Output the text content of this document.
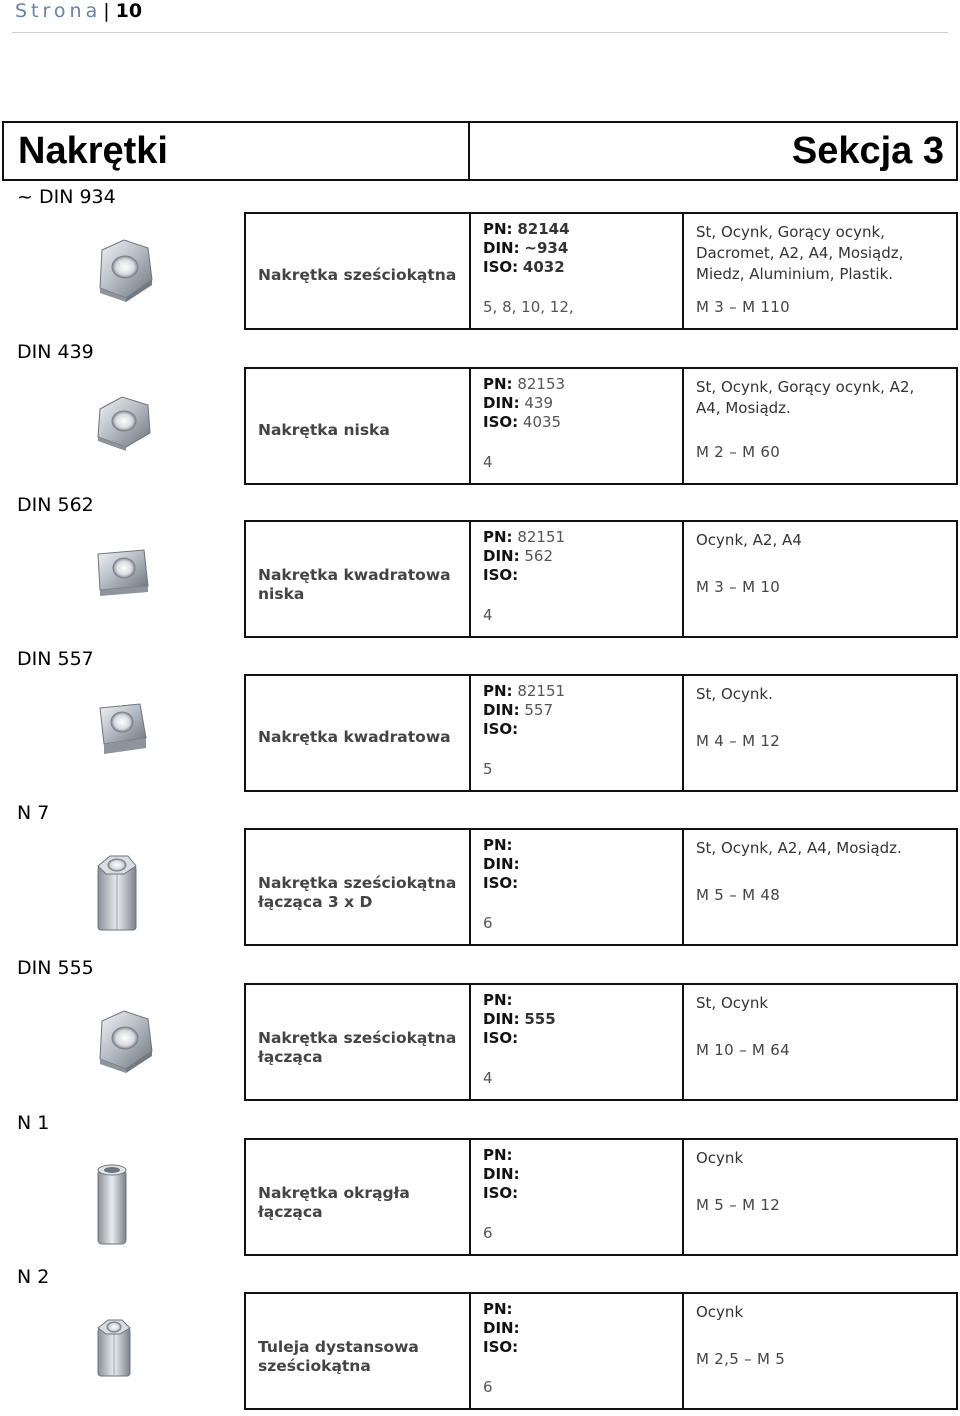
Strona | 10
Nakrętki	Sekcja 3
~ DIN 934
Nakrętka sześciokątna
PN: 82144
DIN: ~934
ISO: 4032
5, 8, 10, 12,
St, Ocynk, Gorący ocynk,
Dacromet, A2, A4, Mosiądz,
Miedz, Aluminium, Plastik.
M 3 – M 110
DIN 439
Nakrętka niska
PN: 82153
DIN: 439
ISO: 4035
4
St, Ocynk, Gorący ocynk, A2,
A4, Mosiądz.
M 2 – M 60
DIN 562
Nakrętka kwadratowa
niska
PN: 82151
DIN: 562
ISO:
4
Ocynk, A2, A4
M 3 – M 10
DIN 557
Nakrętka kwadratowa
PN: 82151
DIN: 557
ISO:
5
St, Ocynk.
M 4 – M 12
N 7
Nakrętka sześciokątna
łącząca 3 x D
PN:
DIN:
ISO:
6
St, Ocynk, A2, A4, Mosiądz.
M 5 – M 48
DIN 555
Nakrętka sześciokątna
łącząca
PN:
DIN: 555
ISO:
4
St, Ocynk
M 10 – M 64
N 1
Nakrętka okrągła
łącząca
PN:
DIN:
ISO:
6
Ocynk
M 5 – M 12
N 2
Tuleja dystansowa
sześciokątna
PN:
DIN:
ISO:
6
Ocynk
M 2,5 – M 5
